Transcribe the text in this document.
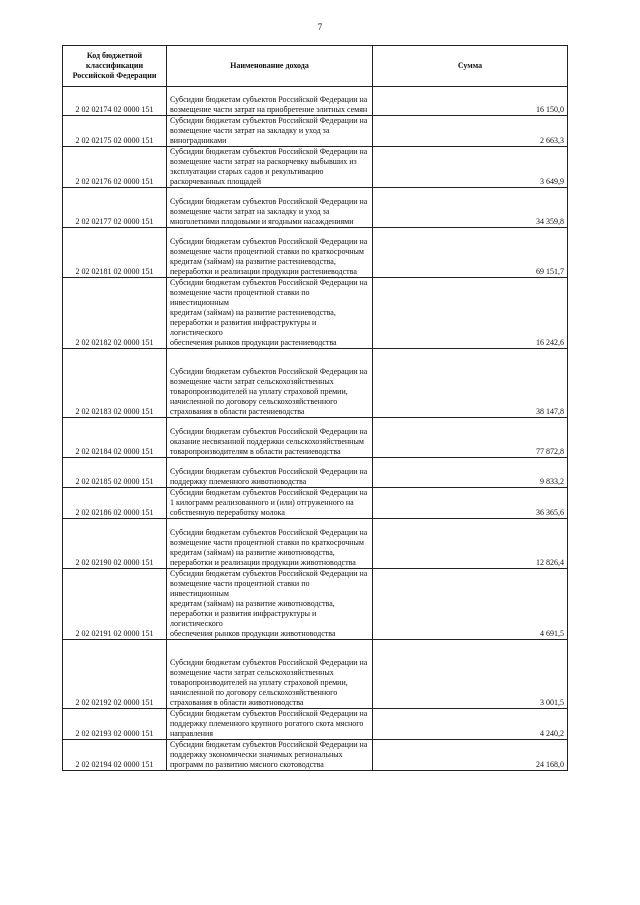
7
Код бюджетной классификации Российской Федерации	Наименование дохода	Сумма
2 02 02174 02 0000 151	Субсидии бюджетам субъектов Российской Федерации на
возмещение части затрат на приобретение элитных семян	16 150,0
2 02 02175 02 0000 151	Субсидии бюджетам субъектов Российской Федерации на
возмещение части затрат на закладку и уход за
виноградниками	2 663,3
2 02 02176 02 0000 151	Субсидии бюджетам субъектов Российской Федерации на
возмещение части затрат на раскорчевку выбывших из
эксплуатации старых садов и рекультивацию
раскорчеванных площадей	3 649,9
2 02 02177 02 0000 151	Субсидии бюджетам субъектов Российской Федерации на
возмещение части затрат на закладку и уход за
многолетними плодовыми и ягодными насаждениями	34 359,8
2 02 02181 02 0000 151	Субсидии бюджетам субъектов Российской Федерации на
возмещение части процентной ставки по краткосрочным
кредитам (займам) на развитие растениеводства,
переработки и реализации продукции растениеводства	69 151,7
2 02 02182 02 0000 151	Субсидии бюджетам субъектов Российской Федерации на
возмещение части процентной ставки по инвестиционным
кредитам (займам) на развитие растениеводства,
переработки и развития инфраструктуры и логистического
обеспечения рынков продукции растениеводства	16 242,6
2 02 02183 02 0000 151	Субсидии бюджетам субъектов Российской Федерации на
возмещение части затрат сельскохозяйственных
товаропроизводителей на уплату страховой премии,
начисленной по договору сельскохозяйственного
страхования в области растениеводства	38 147,8
2 02 02184 02 0000 151	Субсидии бюджетам субъектов Российской Федерации на
оказание несвязанной поддержки сельскохозяйственным
товаропроизводителям в области растениеводства	77 872,8
2 02 02185 02 0000 151	Субсидии бюджетам субъектов Российской Федерации на
поддержку племенного животноводства	9 833,2
2 02 02186 02 0000 151	Субсидии бюджетам субъектов Российской Федерации на
1 килограмм реализованного и (или) отгруженного на
собственную переработку молока	36 365,6
2 02 02190 02 0000 151	Субсидии бюджетам субъектов Российской Федерации на
возмещение части процентной ставки по краткосрочным
кредитам (займам) на развитие животноводства,
переработки и реализации продукции животноводства	12 826,4
2 02 02191 02 0000 151	Субсидии бюджетам субъектов Российской Федерации на
возмещение части процентной ставки по инвестиционным
кредитам (займам) на развитие животноводства,
переработки и развития инфраструктуры и логистического
обеспечения рынков продукции животноводства	4 691,5
2 02 02192 02 0000 151	Субсидии бюджетам субъектов Российской Федерации на
возмещение части затрат сельскохозяйственных
товаропроизводителей на уплату страховой премии,
начисленной по договору сельскохозяйственного
страхования в области животноводства	3 001,5
2 02 02193 02 0000 151	Субсидии бюджетам субъектов Российской Федерации на
поддержку племенного крупного рогатого скота мясного
направления	4 240,2
2 02 02194 02 0000 151	Субсидии бюджетам субъектов Российской Федерации на
поддержку экономически значимых региональных
программ по развитию мясного скотоводства	24 168,0
